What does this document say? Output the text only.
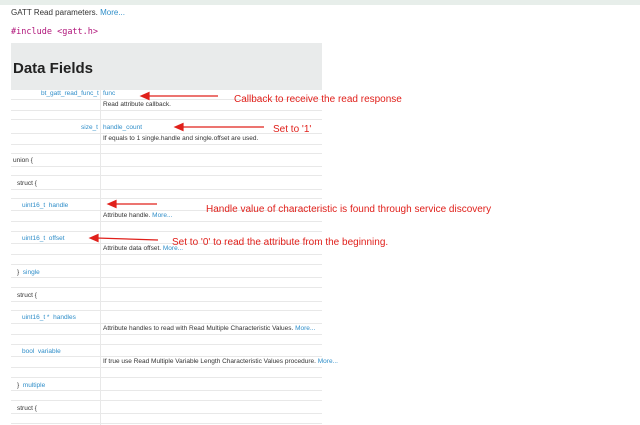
GATT Read parameters. More...
#include <gatt.h>
Data Fields
bt_gatt_read_func_t func
Read attribute callback.
size_t handle_count
If equals to 1 single.handle and single.offset are used.
union {
struct {
uint16_t handle
Attribute handle. More...
uint16_t offset
Attribute data offset. More...
} single
struct {
uint16_t * handles
Attribute handles to read with Read Multiple Characteristic Values. More...
bool variable
If true use Read Multiple Variable Length Characteristic Values procedure. More...
} multiple
struct {
Callback to receive the read response
Set to '1'
Handle value of characteristic is found through service discovery
Set to '0' to read the attribute from the beginning.
